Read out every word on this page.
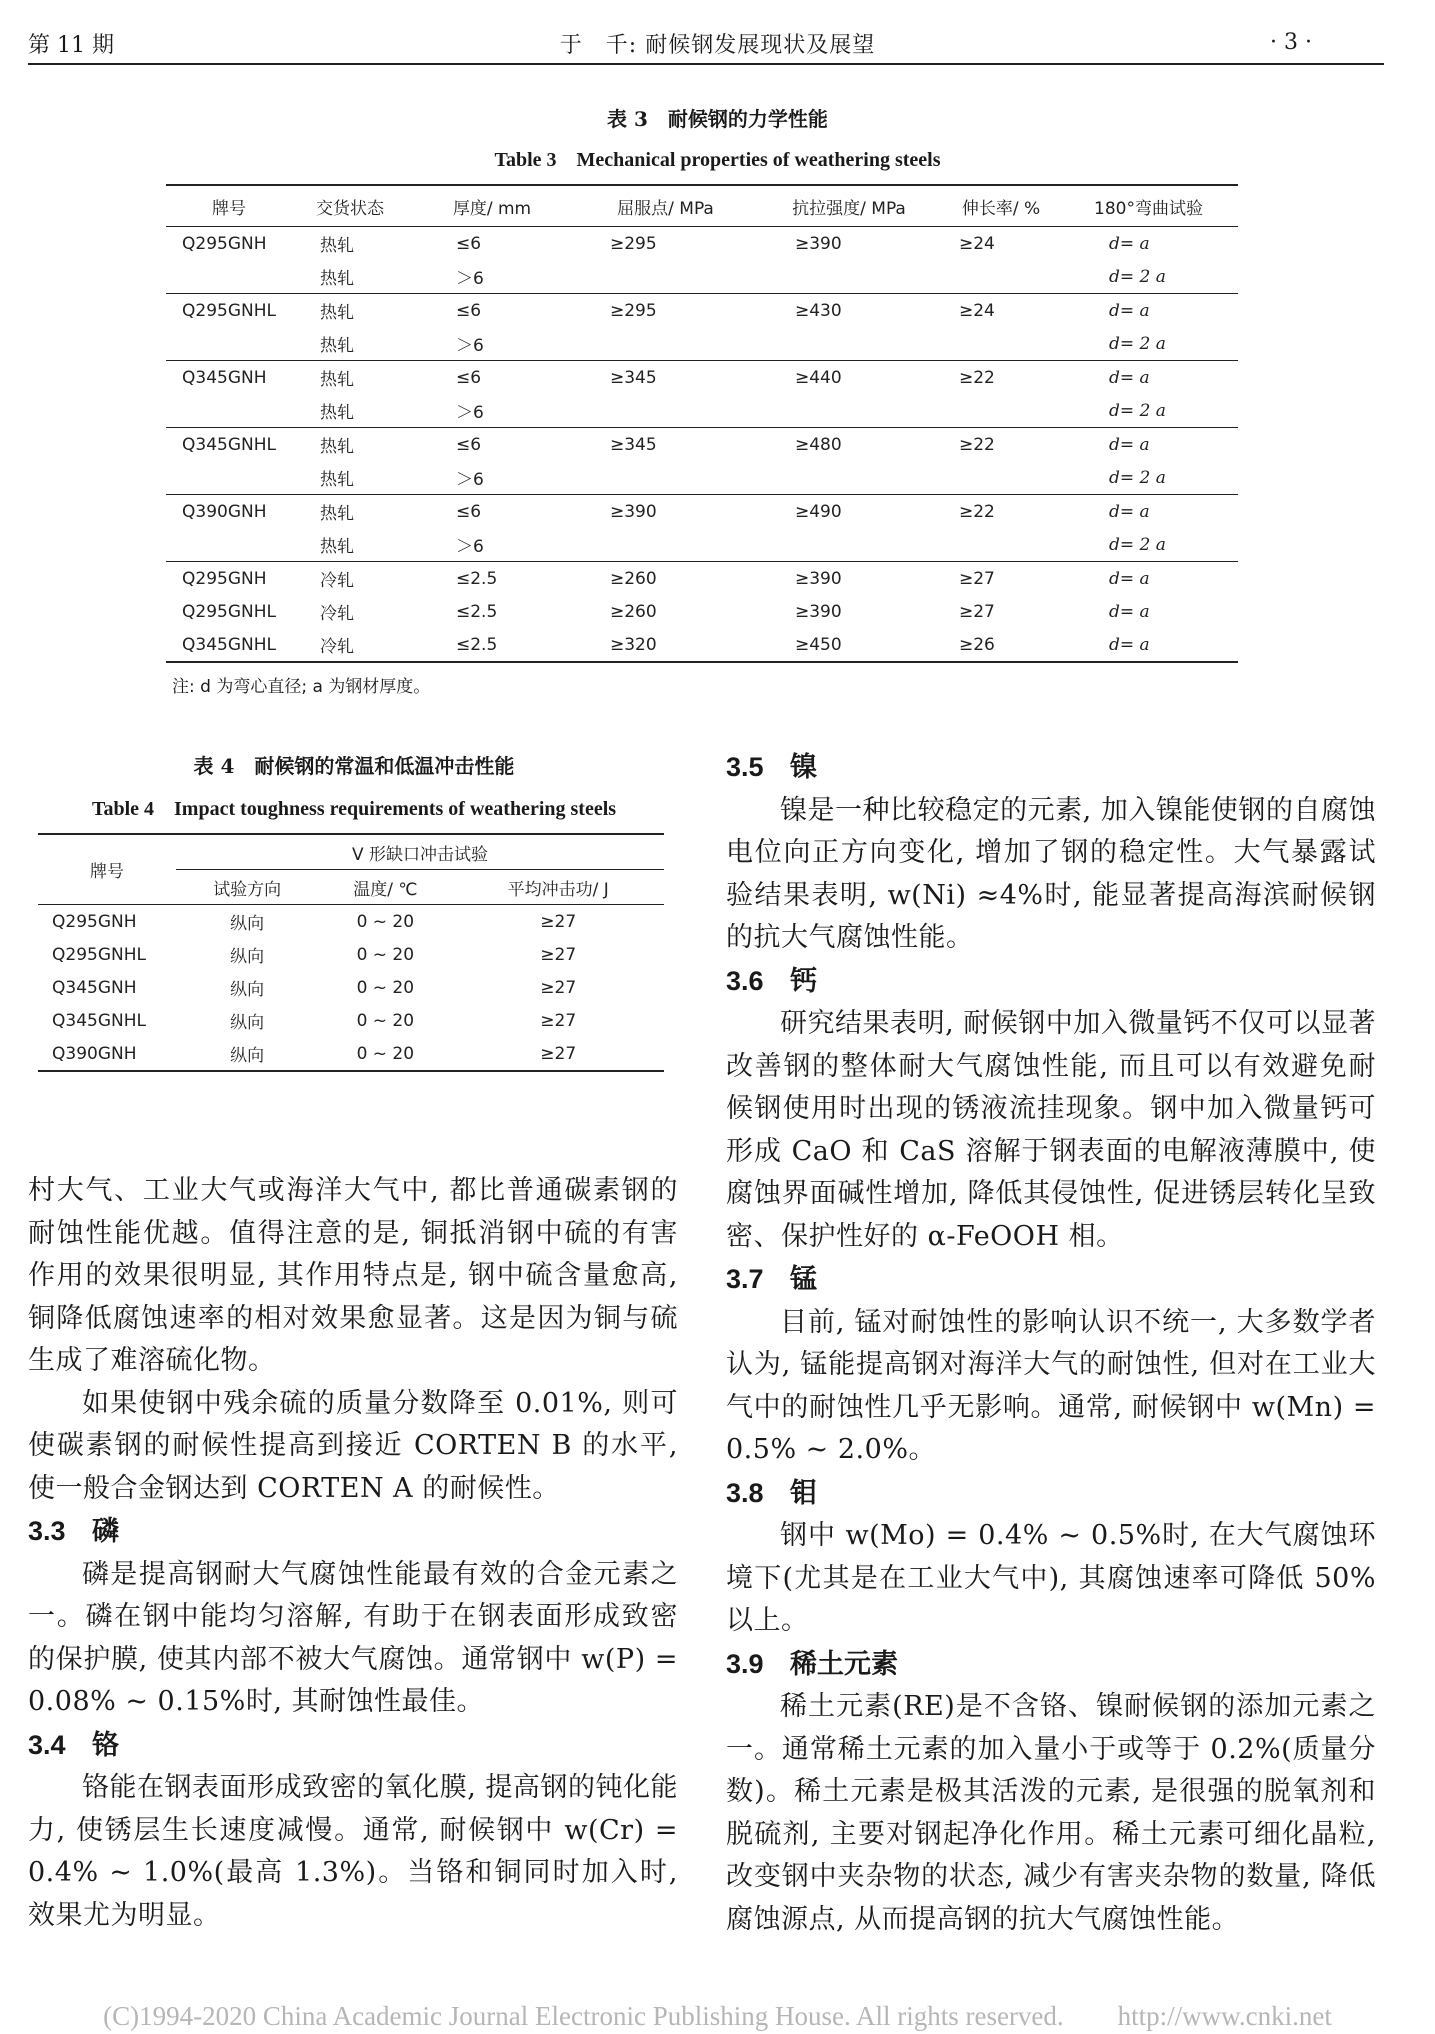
第 11 期	于　千: 耐候钢发展现状及展望	· 3 ·
表 3　耐候钢的力学性能
Table 3　Mechanical properties of weathering steels
牌号	交货状态	厚度/ mm	屈服点/ MPa	抗拉强度/ MPa	伸长率/ %	180°弯曲试验
Q295GNH	热轧	≤6	≥295	≥390	≥24	d= a
	热轧	＞6				d= 2 a
Q295GNHL	热轧	≤6	≥295	≥430	≥24	d= a
	热轧	＞6				d= 2 a
Q345GNH	热轧	≤6	≥345	≥440	≥22	d= a
	热轧	＞6				d= 2 a
Q345GNHL	热轧	≤6	≥345	≥480	≥22	d= a
	热轧	＞6				d= 2 a
Q390GNH	热轧	≤6	≥390	≥490	≥22	d= a
	热轧	＞6				d= 2 a
Q295GNH	冷轧	≤2.5	≥260	≥390	≥27	d= a
Q295GNHL	冷轧	≤2.5	≥260	≥390	≥27	d= a
Q345GNHL	冷轧	≤2.5	≥320	≥450	≥26	d= a
注: d 为弯心直径; a 为钢材厚度。
表 4　耐候钢的常温和低温冲击性能
Table 4　Impact toughness requirements of weathering steels
牌号	V 形缺口冲击试验		
	试验方向	温度/ ℃	平均冲击功/ J
Q295GNH	纵向	0 ~ 20	≥27
Q295GNHL	纵向	0 ~ 20	≥27
Q345GNH	纵向	0 ~ 20	≥27
Q345GNHL	纵向	0 ~ 20	≥27
Q390GNH	纵向	0 ~ 20	≥27
村大气、工业大气或海洋大气中, 都比普通碳素钢的耐蚀性能优越。值得注意的是, 铜抵消钢中硫的有害作用的效果很明显, 其作用特点是, 钢中硫含量愈高, 铜降低腐蚀速率的相对效果愈显著。这是因为铜与硫生成了难溶硫化物。
如果使钢中残余硫的质量分数降至 0.01%, 则可使碳素钢的耐候性提高到接近 CORTEN B 的水平, 使一般合金钢达到 CORTEN A 的耐候性。
3.3 磷
磷是提高钢耐大气腐蚀性能最有效的合金元素之一。磷在钢中能均匀溶解, 有助于在钢表面形成致密的保护膜, 使其内部不被大气腐蚀。通常钢中 w(P) = 0.08% ~ 0.15%时, 其耐蚀性最佳。
3.4 铬
铬能在钢表面形成致密的氧化膜, 提高钢的钝化能力, 使锈层生长速度减慢。通常, 耐候钢中 w(Cr) = 0.4% ~ 1.0%(最高 1.3%)。当铬和铜同时加入时, 效果尤为明显。
3.5 镍
镍是一种比较稳定的元素, 加入镍能使钢的自腐蚀电位向正方向变化, 增加了钢的稳定性。大气暴露试验结果表明, w(Ni) ≈4%时, 能显著提高海滨耐候钢的抗大气腐蚀性能。
3.6 钙
研究结果表明, 耐候钢中加入微量钙不仅可以显著改善钢的整体耐大气腐蚀性能, 而且可以有效避免耐候钢使用时出现的锈液流挂现象。钢中加入微量钙可形成 CaO 和 CaS 溶解于钢表面的电解液薄膜中, 使腐蚀界面碱性增加, 降低其侵蚀性, 促进锈层转化呈致密、保护性好的 α-FeOOH 相。
3.7 锰
目前, 锰对耐蚀性的影响认识不统一, 大多数学者认为, 锰能提高钢对海洋大气的耐蚀性, 但对在工业大气中的耐蚀性几乎无影响。通常, 耐候钢中 w(Mn) = 0.5% ~ 2.0%。
3.8 钼
钢中 w(Mo) = 0.4% ~ 0.5%时, 在大气腐蚀环境下(尤其是在工业大气中), 其腐蚀速率可降低 50%以上。
3.9 稀土元素
稀土元素(RE)是不含铬、镍耐候钢的添加元素之一。通常稀土元素的加入量小于或等于 0.2%(质量分数)。稀土元素是极其活泼的元素, 是很强的脱氧剂和脱硫剂, 主要对钢起净化作用。稀土元素可细化晶粒, 改变钢中夹杂物的状态, 减少有害夹杂物的数量, 降低腐蚀源点, 从而提高钢的抗大气腐蚀性能。
(C)1994-2020 China Academic Journal Electronic Publishing House. All rights reserved.　　http://www.cnki.net
